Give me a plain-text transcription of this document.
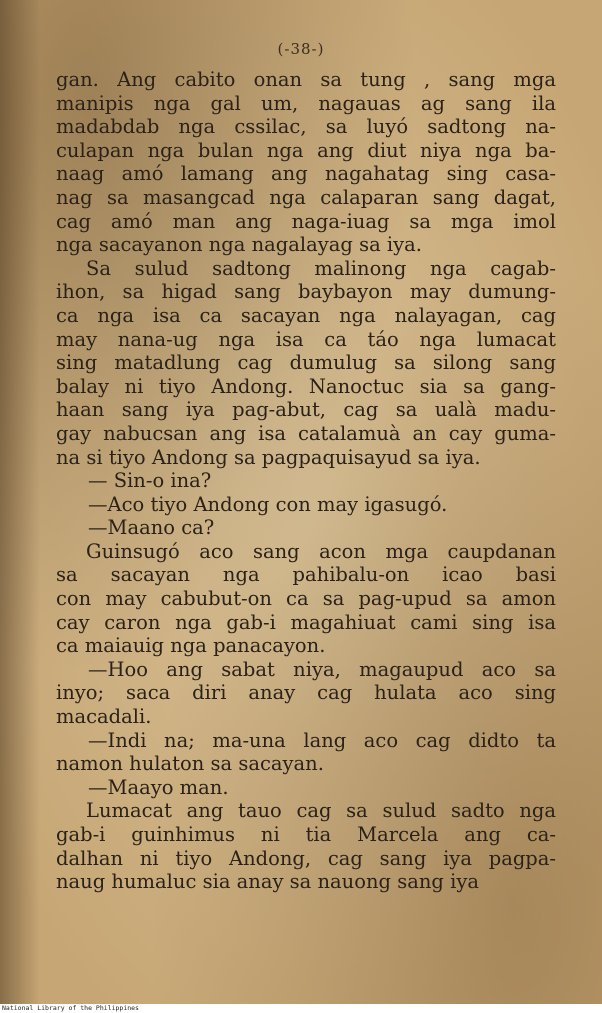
(-38-)
gan. Ang cabito onan sa tung , sang mga
manipis nga gal um, nagauas ag sang ila
madabdab nga cssilac, sa luyó sadtong na-
culapan nga bulan nga ang diut niya nga ba-
naag amó lamang ang nagahatag sing casa-
nag sa masangcad nga calaparan sang dagat,
cag amó man ang naga-iuag sa mga imol
nga sacayanon nga nagalayag sa iya.
Sa sulud sadtong malinong nga cagab-
ihon, sa higad sang baybayon may dumung-
ca nga isa ca sacayan nga nalayagan, cag
may nana-ug nga isa ca táo nga lumacat
sing matadlung cag dumulug sa silong sang
balay ni tiyo Andong. Nanoctuc sia sa gang-
haan sang iya pag-abut, cag sa ualà madu-
gay nabucsan ang isa catalamuà an cay guma-
na si tiyo Andong sa pagpaquisayud sa iya.
— Sin-o ina?
—Aco tiyo Andong con may igasugó.
—Maano ca?
Guinsugó aco sang acon mga caupdanan
sa sacayan nga pahibalu-on icao basi
con may cabubut-on ca sa pag-upud sa amon
cay caron nga gab-i magahiuat cami sing isa
ca maiauig nga panacayon.
—Hoo ang sabat niya, magaupud aco sa
inyo; saca diri anay cag hulata aco sing
macadali.
—Indi na; ma-una lang aco cag didto ta
namon hulaton sa sacayan.
—Maayo man.
Lumacat ang tauo cag sa sulud sadto nga
gab-i guinhimus ni tia Marcela ang ca-
dalhan ni tiyo Andong, cag sang iya pagpa-
naug humaluc sia anay sa nauong sang iya
National Library of the Philippines
